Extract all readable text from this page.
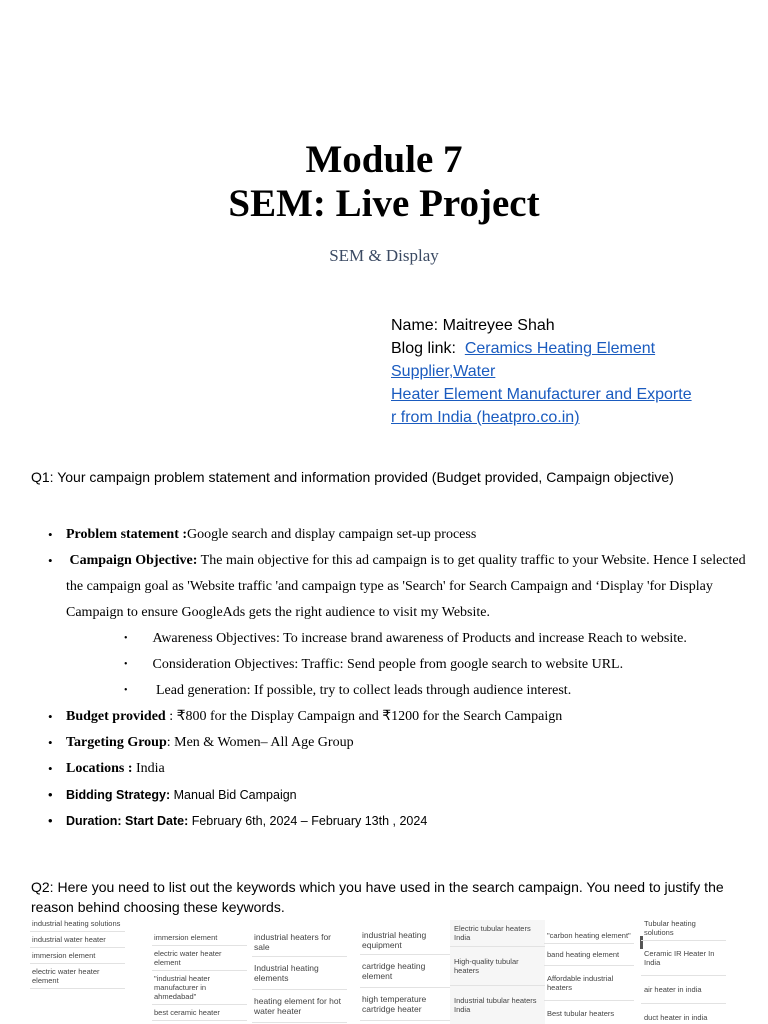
Module 7
SEM: Live Project
SEM & Display
Name: Maitreyee Shah
Blog link: Ceramics Heating Element Supplier,Water
Heater Element Manufacturer and Exporte
r from India (heatpro.co.in)
Q1: Your campaign problem statement and information provided (Budget provided, Campaign objective)
• Problem statement :Google search and display campaign set-up process
• Campaign Objective: The main objective for this ad campaign is to get quality traffic to your Website. Hence I selected the campaign goal as 'Website traffic 'and campaign type as 'Search' for Search Campaign and ‘Display 'for Display Campaign to ensure GoogleAds gets the right audience to visit my Website.
• Awareness Objectives: To increase brand awareness of Products and increase Reach to website.
• Consideration Objectives: Traffic: Send people from google search to website URL.
• Lead generation: If possible, try to collect leads through audience interest.
• Budget provided : ₹800 for the Display Campaign and ₹1200 for the Search Campaign
• Targeting Group: Men & Women– All Age Group
• Locations : India
• Bidding Strategy: Manual Bid Campaign
• Duration: Start Date: February 6th, 2024 – February 13th , 2024
Q2: Here you need to list out the keywords which you have used in the search campaign. You need to justify the reason behind choosing these keywords.
industrial heating solutions
industrial water heater
immersion element
electric water heater element
immersion element
electric water heater element
"industrial heater manufacturer in ahmedabad"
best ceramic heater
industrial heaters for sale
Industrial heating elements
heating element for hot water heater
industrial heating equipment
cartridge heating element
high temperature cartridge heater
Electric tubular heaters India
High-quality tubular heaters
Industrial tubular heaters India
"carbon heating element"
band heating element
Affordable industrial heaters
Best tubular heaters
Tubular heating solutions
Ceramic IR Heater In India
air heater in india
duct heater in india
